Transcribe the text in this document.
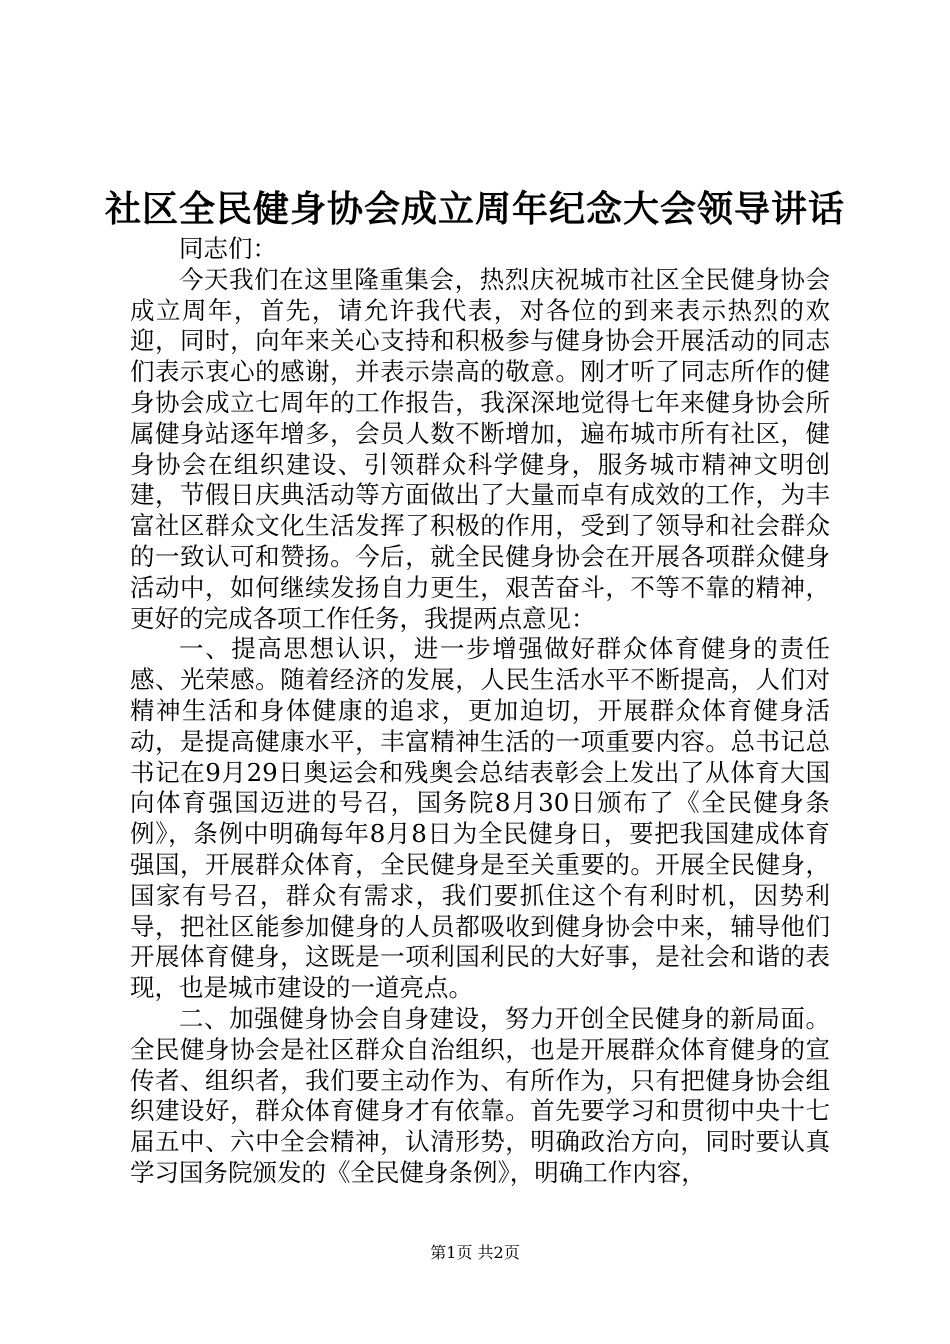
社区全民健身协会成立周年纪念大会领导讲话

同志们：

今天我们在这里隆重集会，热烈庆祝城市社区全民健身协会成立周年，首先，请允许我代表，对各位的到来表示热烈的欢迎，同时，向年来关心支持和积极参与健身协会开展活动的同志们表示衷心的感谢，并表示崇高的敬意。刚才听了同志所作的健身协会成立七周年的工作报告，我深深地觉得七年来健身协会所属健身站逐年增多，会员人数不断增加，遍布城市所有社区，健身协会在组织建设、引领群众科学健身，服务城市精神文明创建，节假日庆典活动等方面做出了大量而卓有成效的工作，为丰富社区群众文化生活发挥了积极的作用，受到了领导和社会群众的一致认可和赞扬。今后，就全民健身协会在开展各项群众健身活动中，如何继续发扬自力更生，艰苦奋斗，不等不靠的精神，更好的完成各项工作任务，我提两点意见：

一、提高思想认识，进一步增强做好群众体育健身的责任感、光荣感。随着经济的发展，人民生活水平不断提高，人们对精神生活和身体健康的追求，更加迫切，开展群众体育健身活动，是提高健康水平，丰富精神生活的一项重要内容。总书记总书记在9月29日奥运会和残奥会总结表彰会上发出了从体育大国向体育强国迈进的号召，国务院8月30日颁布了《全民健身条例》，条例中明确每年8月8日为全民健身日，要把我国建成体育强国，开展群众体育，全民健身是至关重要的。开展全民健身，国家有号召，群众有需求，我们要抓住这个有利时机，因势利导，把社区能参加健身的人员都吸收到健身协会中来，辅导他们开展体育健身，这既是一项利国利民的大好事，是社会和谐的表现，也是城市建设的一道亮点。

二、加强健身协会自身建设，努力开创全民健身的新局面。全民健身协会是社区群众自治组织，也是开展群众体育健身的宣传者、组织者，我们要主动作为、有所作为，只有把健身协会组织建设好，群众体育健身才有依靠。首先要学习和贯彻中央十七届五中、六中全会精神，认清形势，明确政治方向，同时要认真学习国务院颁发的《全民健身条例》，明确工作内容，

第1页 共2页
